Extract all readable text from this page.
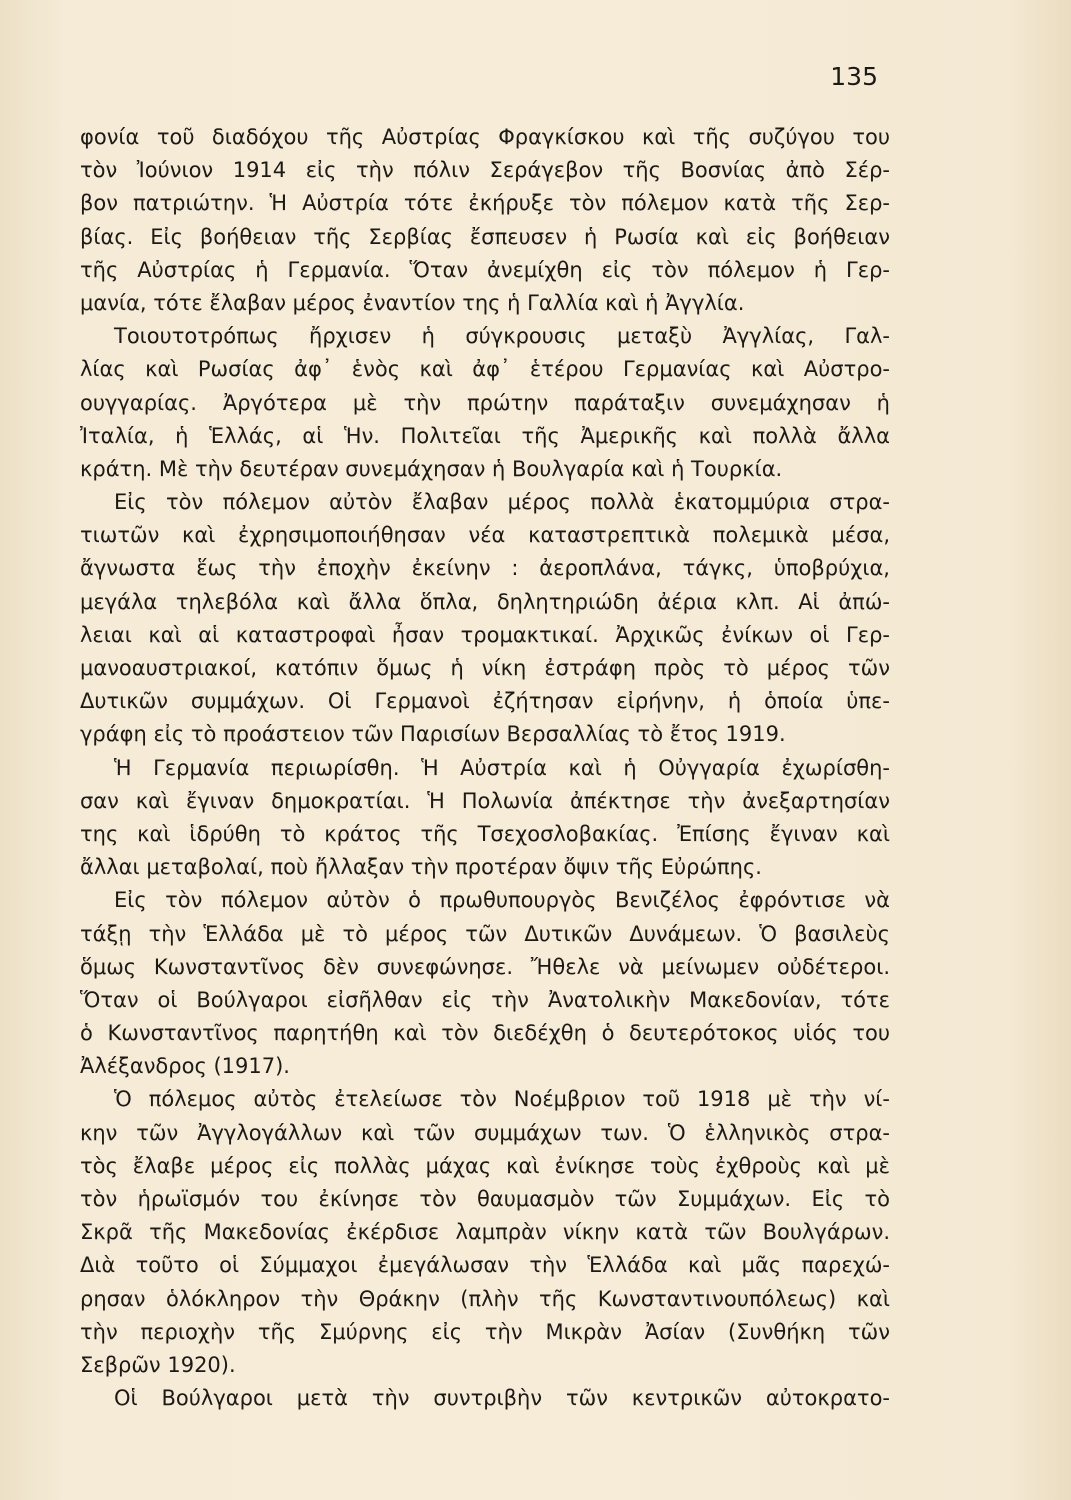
135
φονία τοῦ διαδόχου τῆς Αὐστρίας Φραγκίσκου καὶ τῆς συζύγου του
τὸν Ἰούνιον 1914 εἰς τὴν πόλιν Σεράγεβον τῆς Βοσνίας ἀπὸ Σέρ-
βον πατριώτην. Ἡ Αὐστρία τότε ἐκήρυξε τὸν πόλεμον κατὰ τῆς Σερ-
βίας. Εἰς βοήθειαν τῆς Σερβίας ἔσπευσεν ἡ Ρωσία καὶ εἰς βοήθειαν
τῆς Αὐστρίας ἡ Γερμανία. Ὅταν ἀνεμίχθη εἰς τὸν πόλεμον ἡ Γερ-
μανία, τότε ἔλαβαν μέρος ἐναντίον της ἡ Γαλλία καὶ ἡ Ἀγγλία.
Τοιουτοτρόπως ἤρχισεν ἡ σύγκρουσις μεταξὺ Ἀγγλίας, Γαλ-
λίας καὶ Ρωσίας ἀφ᾽ ἑνὸς καὶ ἀφ᾽ ἑτέρου Γερμανίας καὶ Αὐστρο-
ουγγαρίας. Ἀργότερα μὲ τὴν πρώτην παράταξιν συνεμάχησαν ἡ
Ἰταλία, ἡ Ἑλλάς, αἱ Ἡν. Πολιτεῖαι τῆς Ἀμερικῆς καὶ πολλὰ ἄλλα
κράτη. Μὲ τὴν δευτέραν συνεμάχησαν ἡ Βουλγαρία καὶ ἡ Τουρκία.
Εἰς τὸν πόλεμον αὐτὸν ἔλαβαν μέρος πολλὰ ἑκατομμύρια στρα-
τιωτῶν καὶ ἐχρησιμοποιήθησαν νέα καταστρεπτικὰ πολεμικὰ μέσα,
ἄγνωστα ἕως τὴν ἐποχὴν ἐκείνην : ἀεροπλάνα, τάγκς, ὑποβρύχια,
μεγάλα τηλεβόλα καὶ ἄλλα ὅπλα, δηλητηριώδη ἀέρια κλπ. Αἱ ἀπώ-
λειαι καὶ αἱ καταστροφαὶ ἦσαν τρομακτικαί. Ἀρχικῶς ἐνίκων οἱ Γερ-
μανοαυστριακοί, κατόπιν ὅμως ἡ νίκη ἐστράφη πρὸς τὸ μέρος τῶν
Δυτικῶν συμμάχων. Οἱ Γερμανοὶ ἐζήτησαν εἰρήνην, ἡ ὁποία ὑπε-
γράφη εἰς τὸ προάστειον τῶν Παρισίων Βερσαλλίας τὸ ἔτος 1919.
Ἡ Γερμανία περιωρίσθη. Ἡ Αὐστρία καὶ ἡ Οὐγγαρία ἐχωρίσθη-
σαν καὶ ἔγιναν δημοκρατίαι. Ἡ Πολωνία ἀπέκτησε τὴν ἀνεξαρτησίαν
της καὶ ἱδρύθη τὸ κράτος τῆς Τσεχοσλοβακίας. Ἐπίσης ἔγιναν καὶ
ἄλλαι μεταβολαί, ποὺ ἤλλαξαν τὴν προτέραν ὄψιν τῆς Εὐρώπης.
Εἰς τὸν πόλεμον αὐτὸν ὁ πρωθυπουργὸς Βενιζέλος ἐφρόντισε νὰ
τάξῃ τὴν Ἑλλάδα μὲ τὸ μέρος τῶν Δυτικῶν Δυνάμεων. Ὁ βασιλεὺς
ὅμως Κωνσταντῖνος δὲν συνεφώνησε. Ἤθελε νὰ μείνωμεν οὐδέτεροι.
Ὅταν οἱ Βούλγαροι εἰσῆλθαν εἰς τὴν Ἀνατολικὴν Μακεδονίαν, τότε
ὁ Κωνσταντῖνος παρητήθη καὶ τὸν διεδέχθη ὁ δευτερότοκος υἱός του
Ἀλέξανδρος (1917).
Ὁ πόλεμος αὐτὸς ἐτελείωσε τὸν Νοέμβριον τοῦ 1918 μὲ τὴν νί-
κην τῶν Ἀγγλογάλλων καὶ τῶν συμμάχων των. Ὁ ἑλληνικὸς στρα-
τὸς ἔλαβε μέρος εἰς πολλὰς μάχας καὶ ἐνίκησε τοὺς ἐχθροὺς καὶ μὲ
τὸν ἡρωϊσμόν του ἐκίνησε τὸν θαυμασμὸν τῶν Συμμάχων. Εἰς τὸ
Σκρᾶ τῆς Μακεδονίας ἐκέρδισε λαμπρὰν νίκην κατὰ τῶν Βουλγάρων.
Διὰ τοῦτο οἱ Σύμμαχοι ἐμεγάλωσαν τὴν Ἑλλάδα καὶ μᾶς παρεχώ-
ρησαν ὁλόκληρον τὴν Θράκην (πλὴν τῆς Κωνσταντινουπόλεως) καὶ
τὴν περιοχὴν τῆς Σμύρνης εἰς τὴν Μικρὰν Ἀσίαν (Συνθήκη τῶν
Σεβρῶν 1920).
Οἱ Βούλγαροι μετὰ τὴν συντριβὴν τῶν κεντρικῶν αὐτοκρατο-
